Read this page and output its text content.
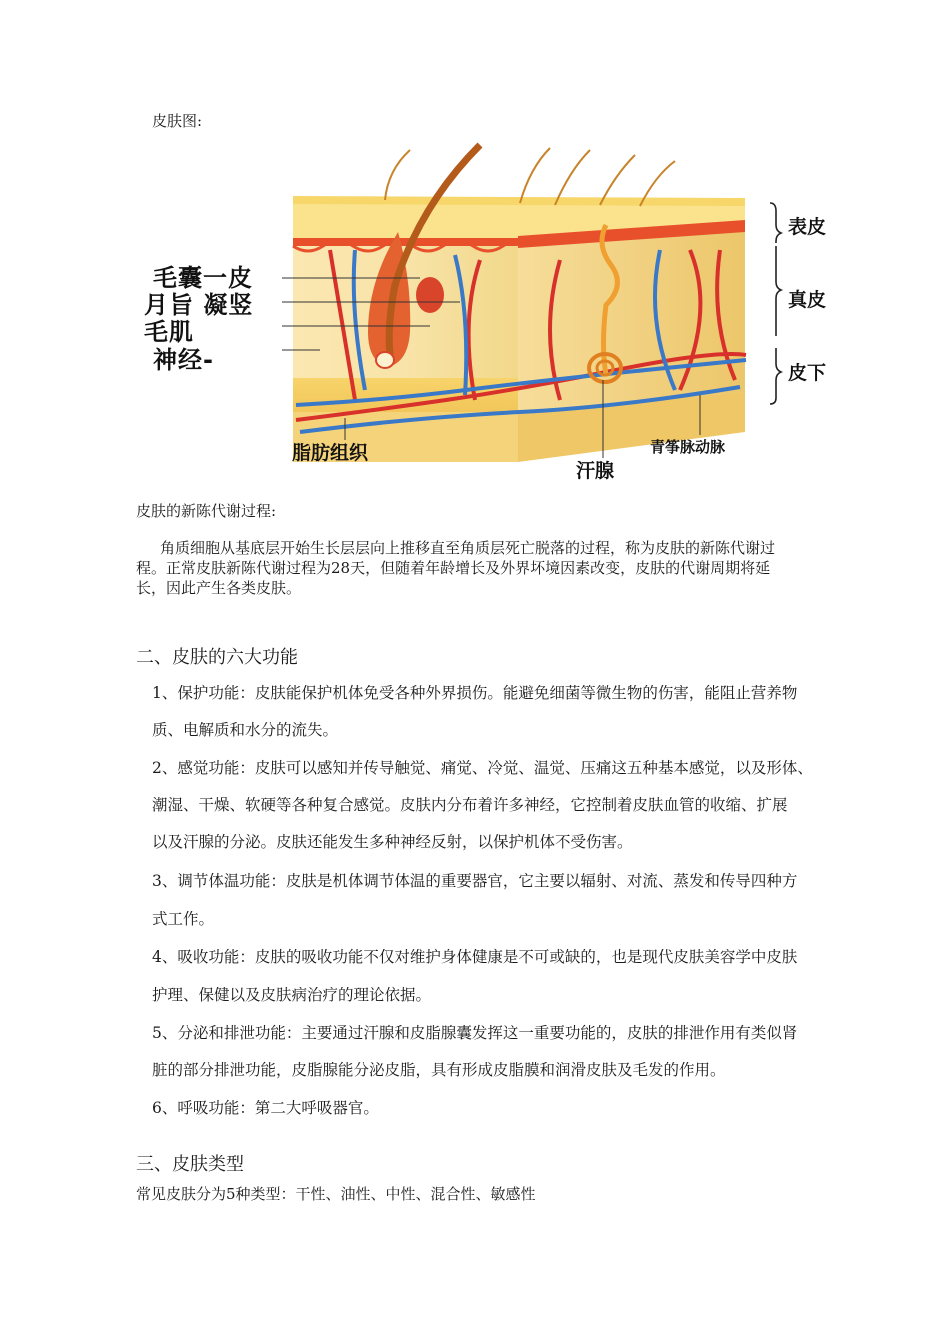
皮肤图:
毛囊一皮
月旨 凝竖
毛肌
神经-
表皮
真皮
皮下
脂肪组织
汗腺
青筝脉动脉
皮肤的新陈代谢过程:
角质细胞从基底层开始生长层层向上推移直至角质层死亡脱落的过程，称为皮肤的新陈代谢过
程。正常皮肤新陈代谢过程为28天，但随着年龄增长及外界坏境因素改变，皮肤的代谢周期将延
长，因此产生各类皮肤。
二、皮肤的六大功能
1、保护功能：皮肤能保护机体免受各种外界损伤。能避免细菌等微生物的伤害，能阻止营养物
质、电解质和水分的流失。
2、感觉功能：皮肤可以感知并传导触觉、痛觉、冷觉、温觉、压痛这五种基本感觉，以及形体、
潮湿、干燥、软硬等各种复合感觉。皮肤内分布着许多神经，它控制着皮肤血管的收缩、扩展
以及汗腺的分泌。皮肤还能发生多种神经反射，以保护机体不受伤害。
3、调节体温功能：皮肤是机体调节体温的重要器官，它主要以辐射、对流、蒸发和传导四种方
式工作。
4、吸收功能：皮肤的吸收功能不仅对维护身体健康是不可或缺的，也是现代皮肤美容学中皮肤
护理、保健以及皮肤病治疗的理论依据。
5、分泌和排泄功能：主要通过汗腺和皮脂腺囊发挥这一重要功能的，皮肤的排泄作用有类似肾
脏的部分排泄功能，皮脂腺能分泌皮脂，具有形成皮脂膜和润滑皮肤及毛发的作用。
6、呼吸功能：第二大呼吸器官。
三、皮肤类型
常见皮肤分为5种类型：干性、油性、中性、混合性、敏感性
